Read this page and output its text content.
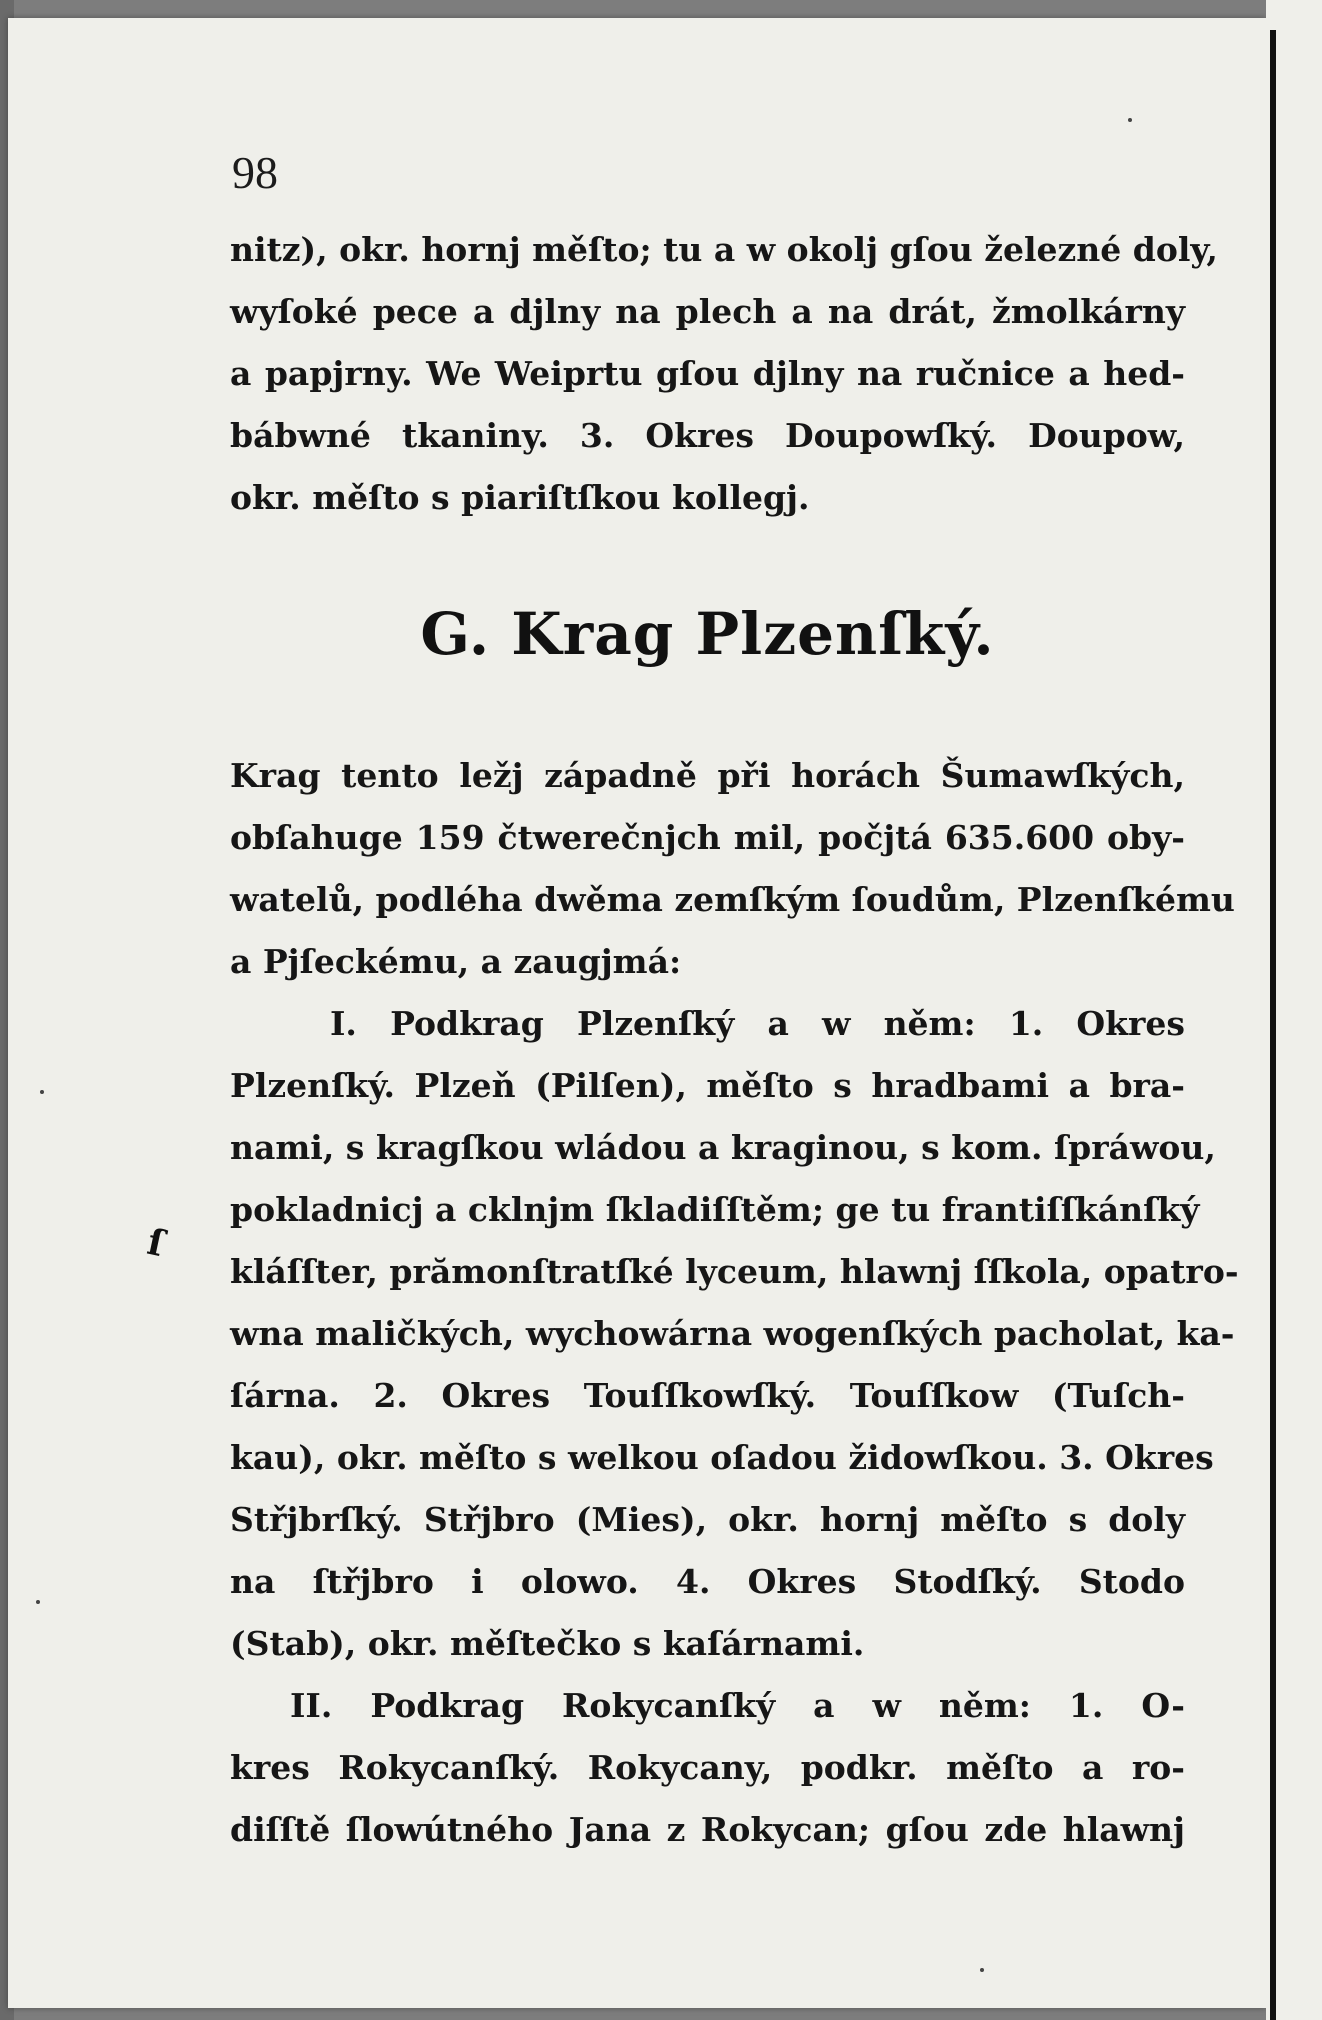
98
nitz), okr. hornj měſto; tu a w okolj gſou železné doly,
wyſoké pece a djlny na plech a na drát, žmolkárny
a papjrny. We Weiprtu gſou djlny na ručnice a hed-
bábwné tkaniny. 3. Okres Doupowſký. Doupow,
okr. měſto s piariſtſkou kollegj.
G. Krag Plzenſký.
Krag tento ležj západně při horách Šumawſkých,
obſahuge 159 čtwerečnjch mil, počjtá 635.600 oby-
watelů, podléha dwěma zemſkým ſoudům, Plzenſkému
a Pjſeckému, a zaugjmá:
I. Podkrag Plzenſký a w něm: 1. Okres
Plzenſký. Plzeň (Pilſen), měſto s hradbami a bra-
nami, s kragſkou wládou a kraginou, s kom. ſpráwou,
pokladnicj a cklnjm ſkladiſſtěm; ge tu frantiſſkánſký
kláſſter, prămonſtratſké lyceum, hlawnj ſſkola, opatro-
wna maličkých, wychowárna wogenſkých pacholat, ka-
ſárna. 2. Okres Touſſkowſký. Touſſkow (Tuſch-
kau), okr. měſto s welkou oſadou židowſkou. 3. Okres
Střjbrſký. Střjbro (Mies), okr. hornj měſto s doly
na ſtřjbro i olowo. 4. Okres Stodſký. Stodo
(Stab), okr. měſtečko s kaſárnami.
II. Podkrag Rokycanſký a w něm: 1. O-
kres Rokycanſký. Rokycany, podkr. měſto a ro-
diſſtě ſlowútného Jana z Rokycan; gſou zde hlawnj
ſ
